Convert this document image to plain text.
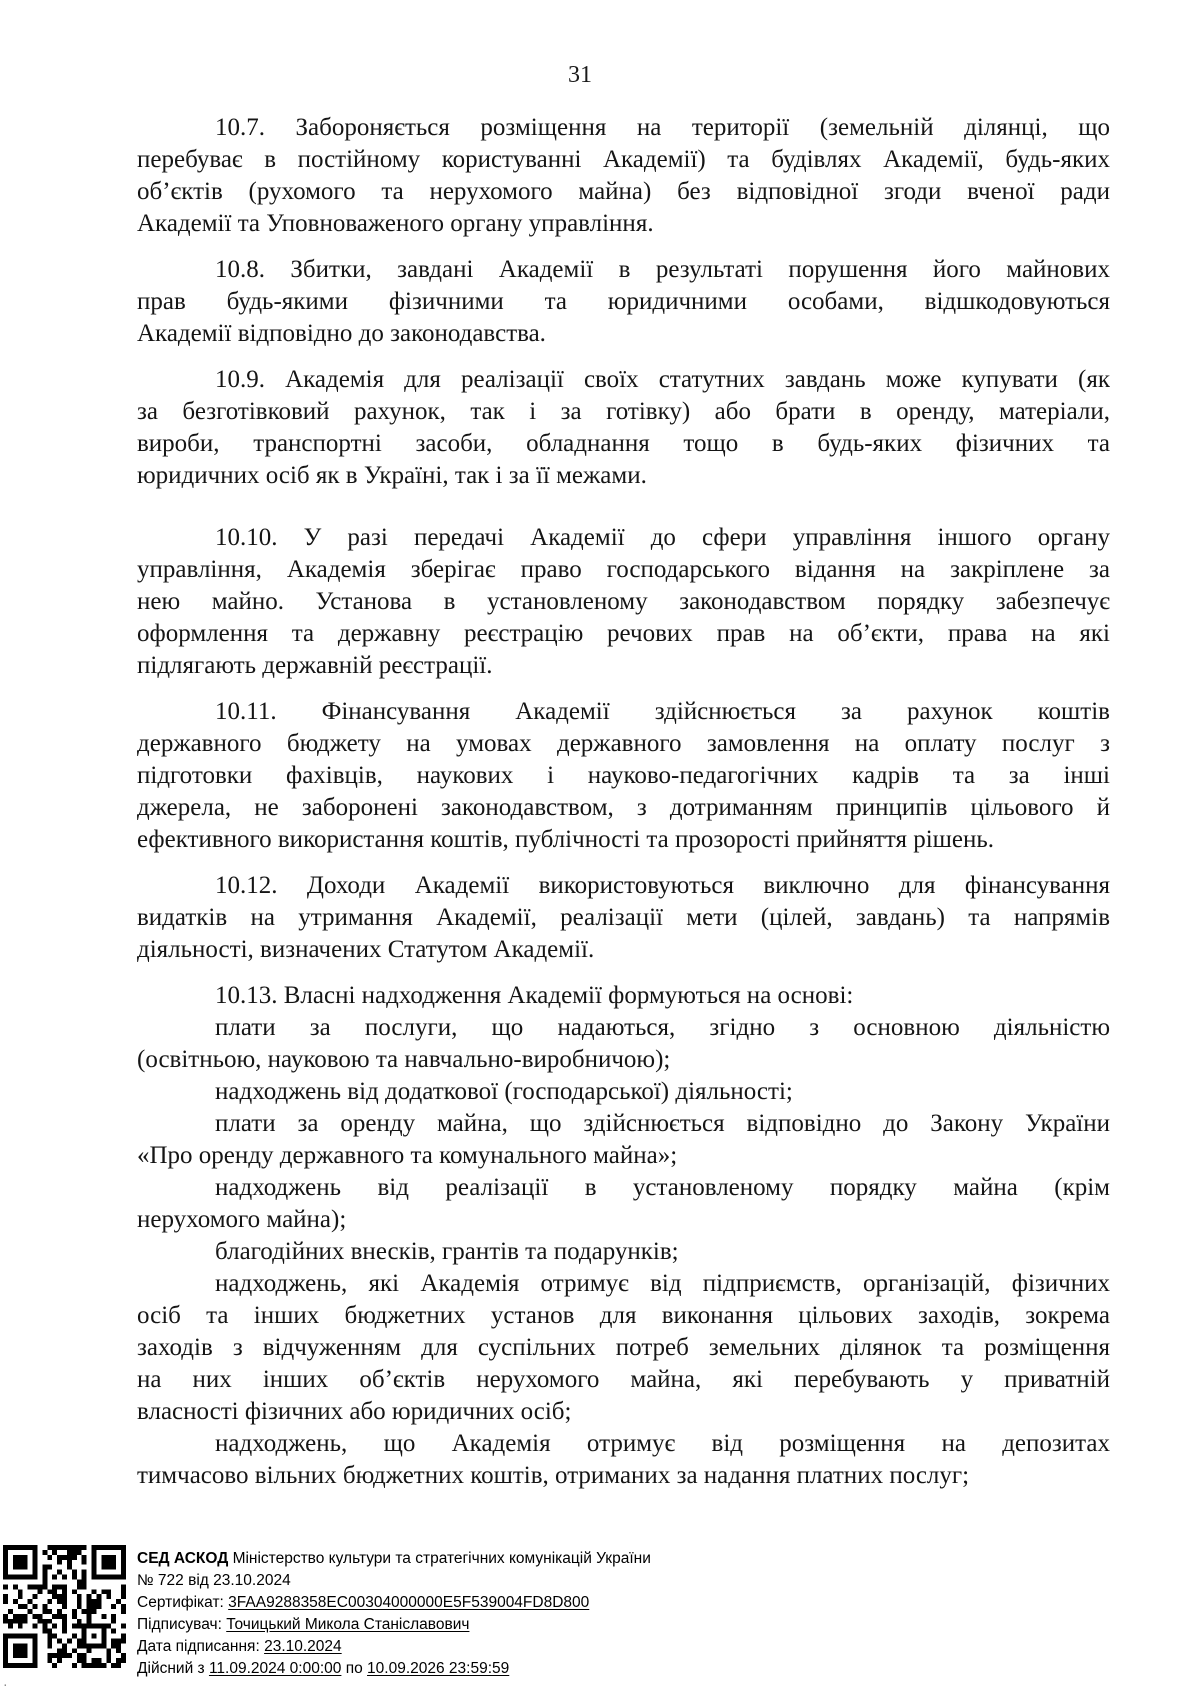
31
10.7. Забороняється розміщення на території (земельній ділянці, що
перебуває в постійному користуванні Академії) та будівлях Академії, будь-яких
об’єктів (рухомого та нерухомого майна) без відповідної згоди вченої ради
Академії та Уповноваженого органу управління.
10.8. Збитки, завдані Академії в результаті порушення його майнових
прав будь-якими фізичними та юридичними особами, відшкодовуються
Академії відповідно до законодавства.
10.9. Академія для реалізації своїх статутних завдань може купувати (як
за безготівковий рахунок, так і за готівку) або брати в оренду, матеріали,
вироби, транспортні засоби, обладнання тощо в будь-яких фізичних та
юридичних осіб як в Україні, так і за її межами.
10.10. У разі передачі Академії до сфери управління іншого органу
управління, Академія зберігає право господарського відання на закріплене за
нею майно. Установа в установленому законодавством порядку забезпечує
оформлення та державну реєстрацію речових прав на об’єкти, права на які
підлягають державній реєстрації.
10.11. Фінансування Академії здійснюється за рахунок коштів
державного бюджету на умовах державного замовлення на оплату послуг з
підготовки фахівців, наукових і науково-педагогічних кадрів та за інші
джерела, не заборонені законодавством, з дотриманням принципів цільового й
ефективного використання коштів, публічності та прозорості прийняття рішень.
10.12. Доходи Академії використовуються виключно для фінансування
видатків на утримання Академії, реалізації мети (цілей, завдань) та напрямів
діяльності, визначених Статутом Академії.
10.13. Власні надходження Академії формуються на основі:
плати за послуги, що надаються, згідно з основною діяльністю
(освітньою, науковою та навчально-виробничою);
надходжень від додаткової (господарської) діяльності;
плати за оренду майна, що здійснюється відповідно до Закону України
«Про оренду державного та комунального майна»;
надходжень від реалізації в установленому порядку майна (крім
нерухомого майна);
благодійних внесків, грантів та подарунків;
надходжень, які Академія отримує від підприємств, організацій, фізичних
осіб та інших бюджетних установ для виконання цільових заходів, зокрема
заходів з відчуженням для суспільних потреб земельних ділянок та розміщення
на них інших об’єктів нерухомого майна, які перебувають у приватній
власності фізичних або юридичних осіб;
надходжень, що Академія отримує від розміщення на депозитах
тимчасово вільних бюджетних коштів, отриманих за надання платних послуг;
СЕД АСКОД Міністерство культури та стратегічних комунікацій України
№ 722 від 23.10.2024
Сертифікат: 3FAA9288358EC00304000000E5F539004FD8D800
Підписувач: Точицький Микола Станіславович
Дата підписання: 23.10.2024
Дійсний з 11.09.2024 0:00:00 по 10.09.2026 23:59:59
.
